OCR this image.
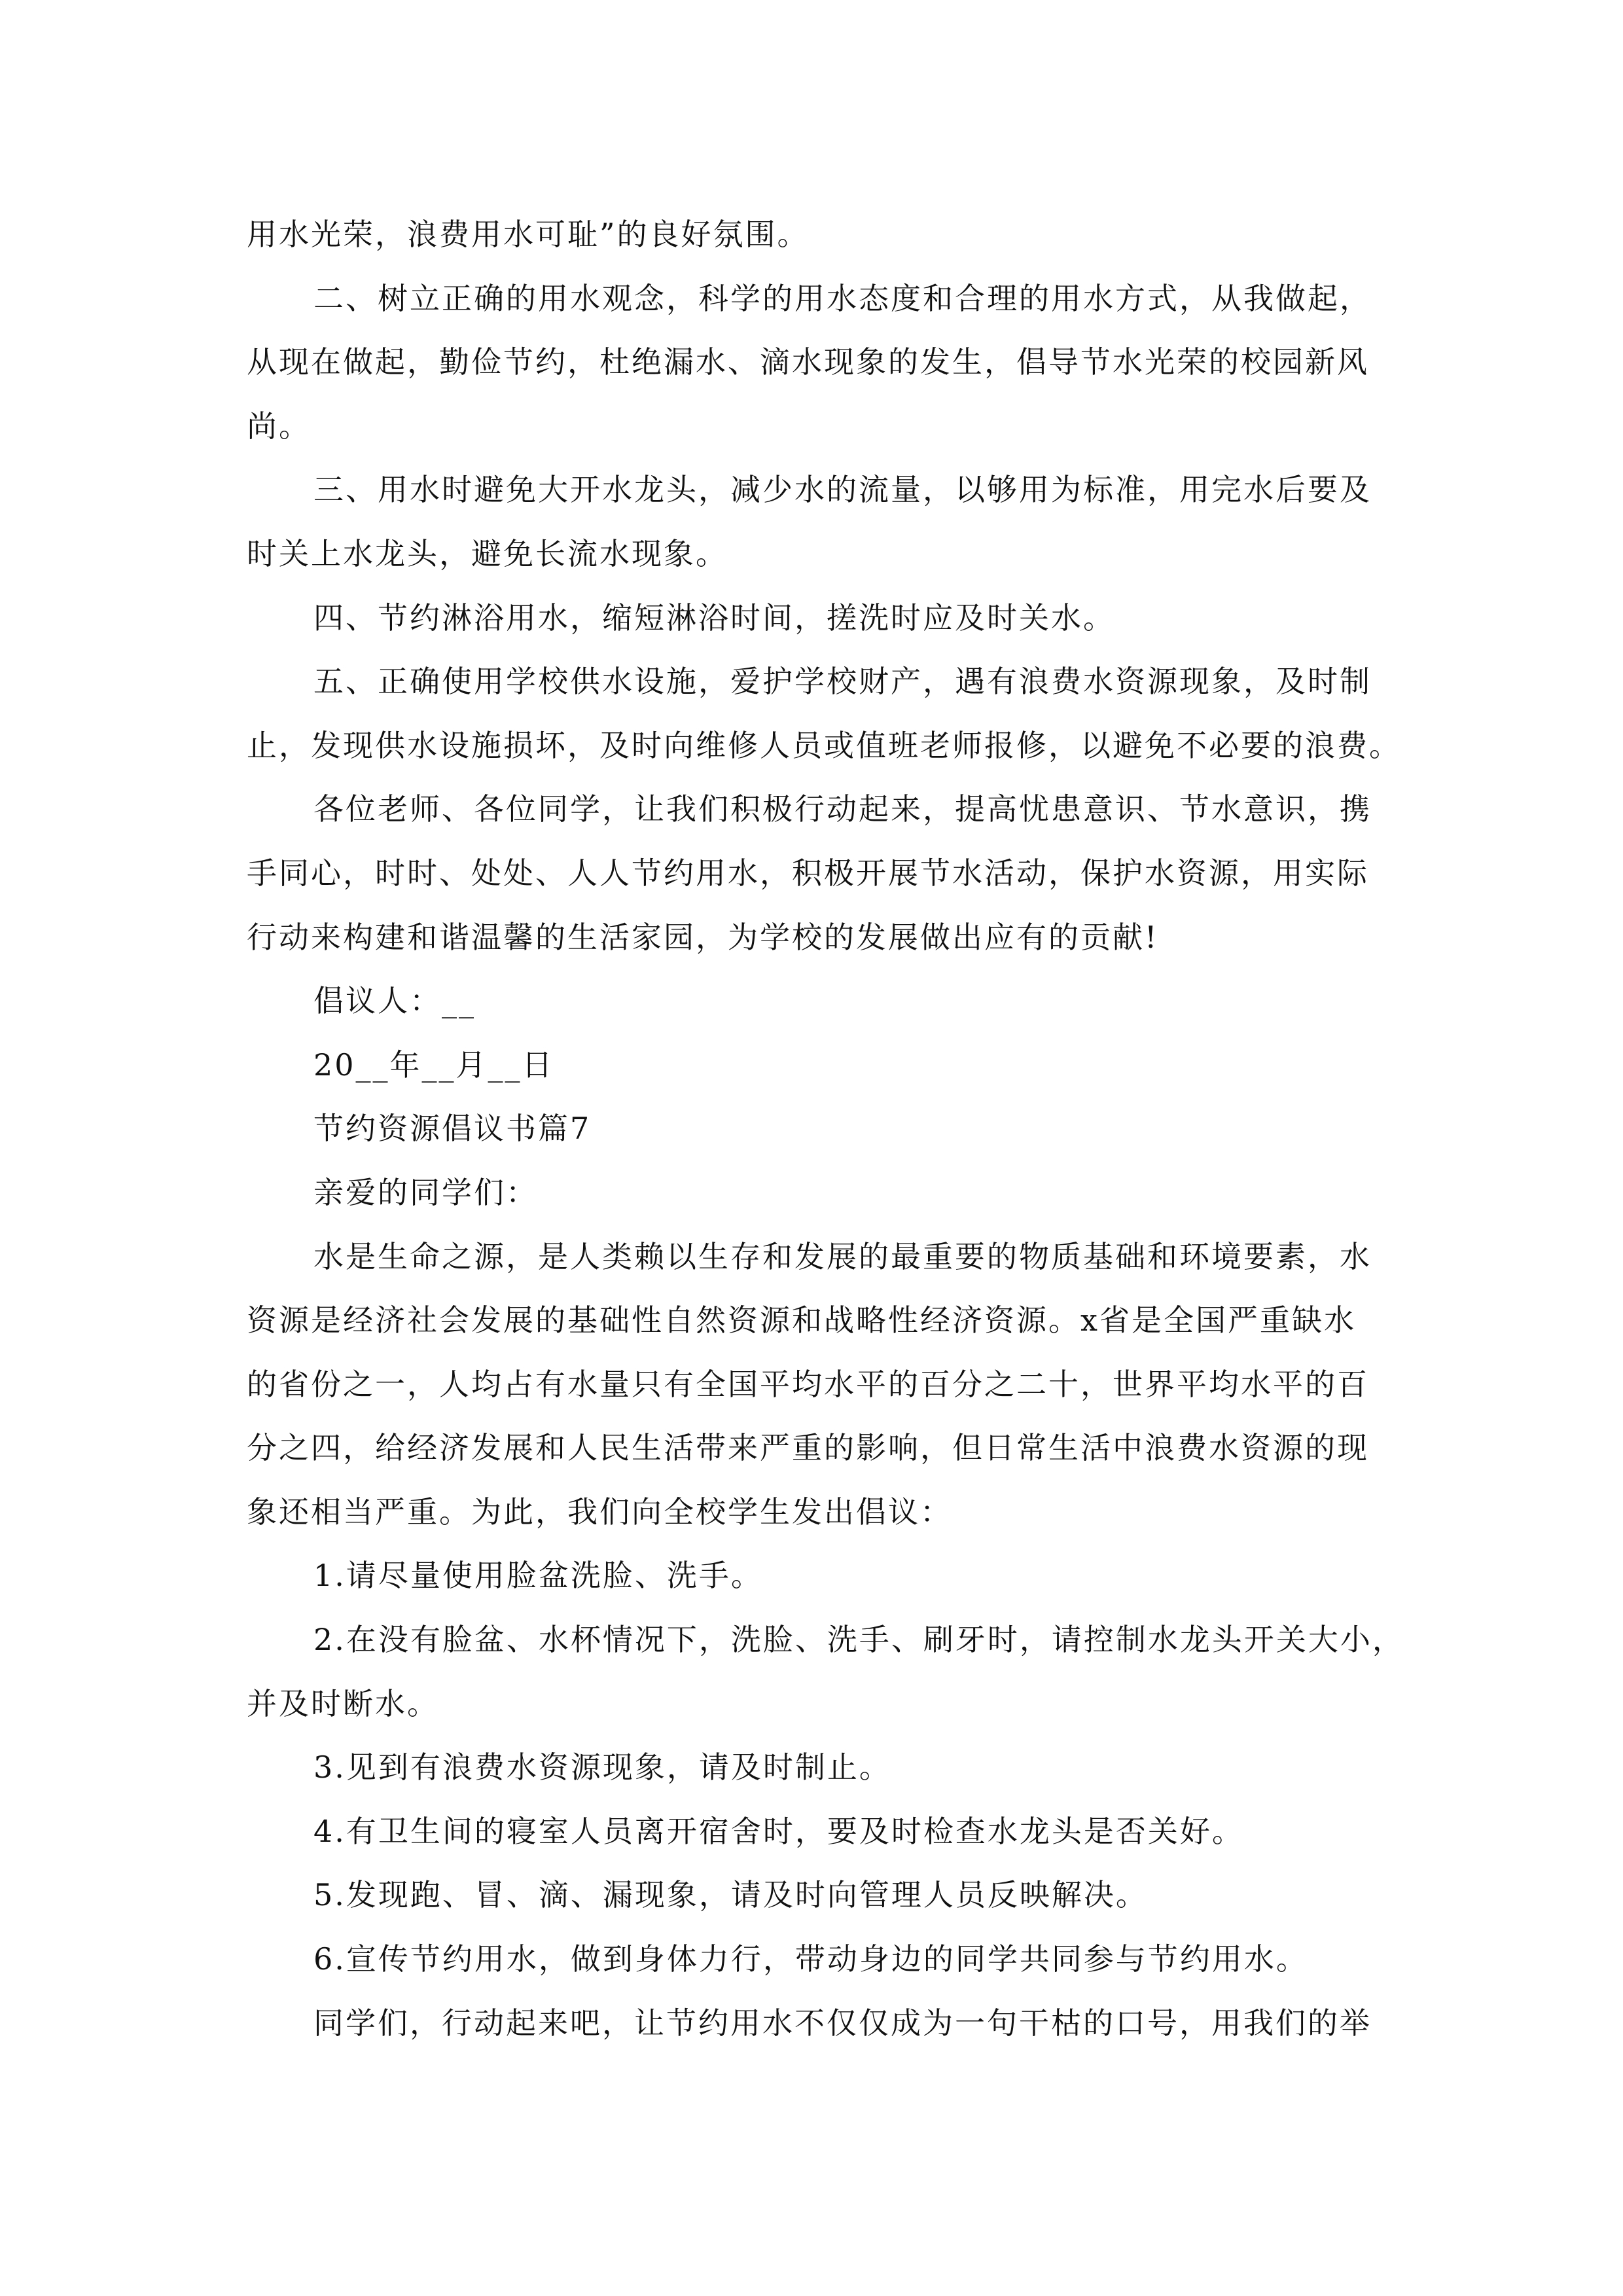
用水光荣，浪费用水可耻”的良好氛围。
二、树立正确的用水观念，科学的用水态度和合理的用水方式，从我做起，
从现在做起，勤俭节约，杜绝漏水、滴水现象的发生，倡导节水光荣的校园新风
尚。
三、用水时避免大开水龙头，减少水的流量，以够用为标准，用完水后要及
时关上水龙头，避免长流水现象。
四、节约淋浴用水，缩短淋浴时间，搓洗时应及时关水。
五、正确使用学校供水设施，爱护学校财产，遇有浪费水资源现象，及时制
止，发现供水设施损坏，及时向维修人员或值班老师报修，以避免不必要的浪费。
各位老师、各位同学，让我们积极行动起来，提高忧患意识、节水意识，携
手同心，时时、处处、人人节约用水，积极开展节水活动，保护水资源，用实际
行动来构建和谐温馨的生活家园，为学校的发展做出应有的贡献!
倡议人：__
20__年__月__日
节约资源倡议书篇7
亲爱的同学们：
水是生命之源，是人类赖以生存和发展的最重要的物质基础和环境要素，水
资源是经济社会发展的基础性自然资源和战略性经济资源。x省是全国严重缺水
的省份之一，人均占有水量只有全国平均水平的百分之二十，世界平均水平的百
分之四，给经济发展和人民生活带来严重的影响，但日常生活中浪费水资源的现
象还相当严重。为此，我们向全校学生发出倡议：
1.请尽量使用脸盆洗脸、洗手。
2.在没有脸盆、水杯情况下，洗脸、洗手、刷牙时，请控制水龙头开关大小，
并及时断水。
3.见到有浪费水资源现象，请及时制止。
4.有卫生间的寝室人员离开宿舍时，要及时检查水龙头是否关好。
5.发现跑、冒、滴、漏现象，请及时向管理人员反映解决。
6.宣传节约用水，做到身体力行，带动身边的同学共同参与节约用水。
同学们，行动起来吧，让节约用水不仅仅成为一句干枯的口号，用我们的举
